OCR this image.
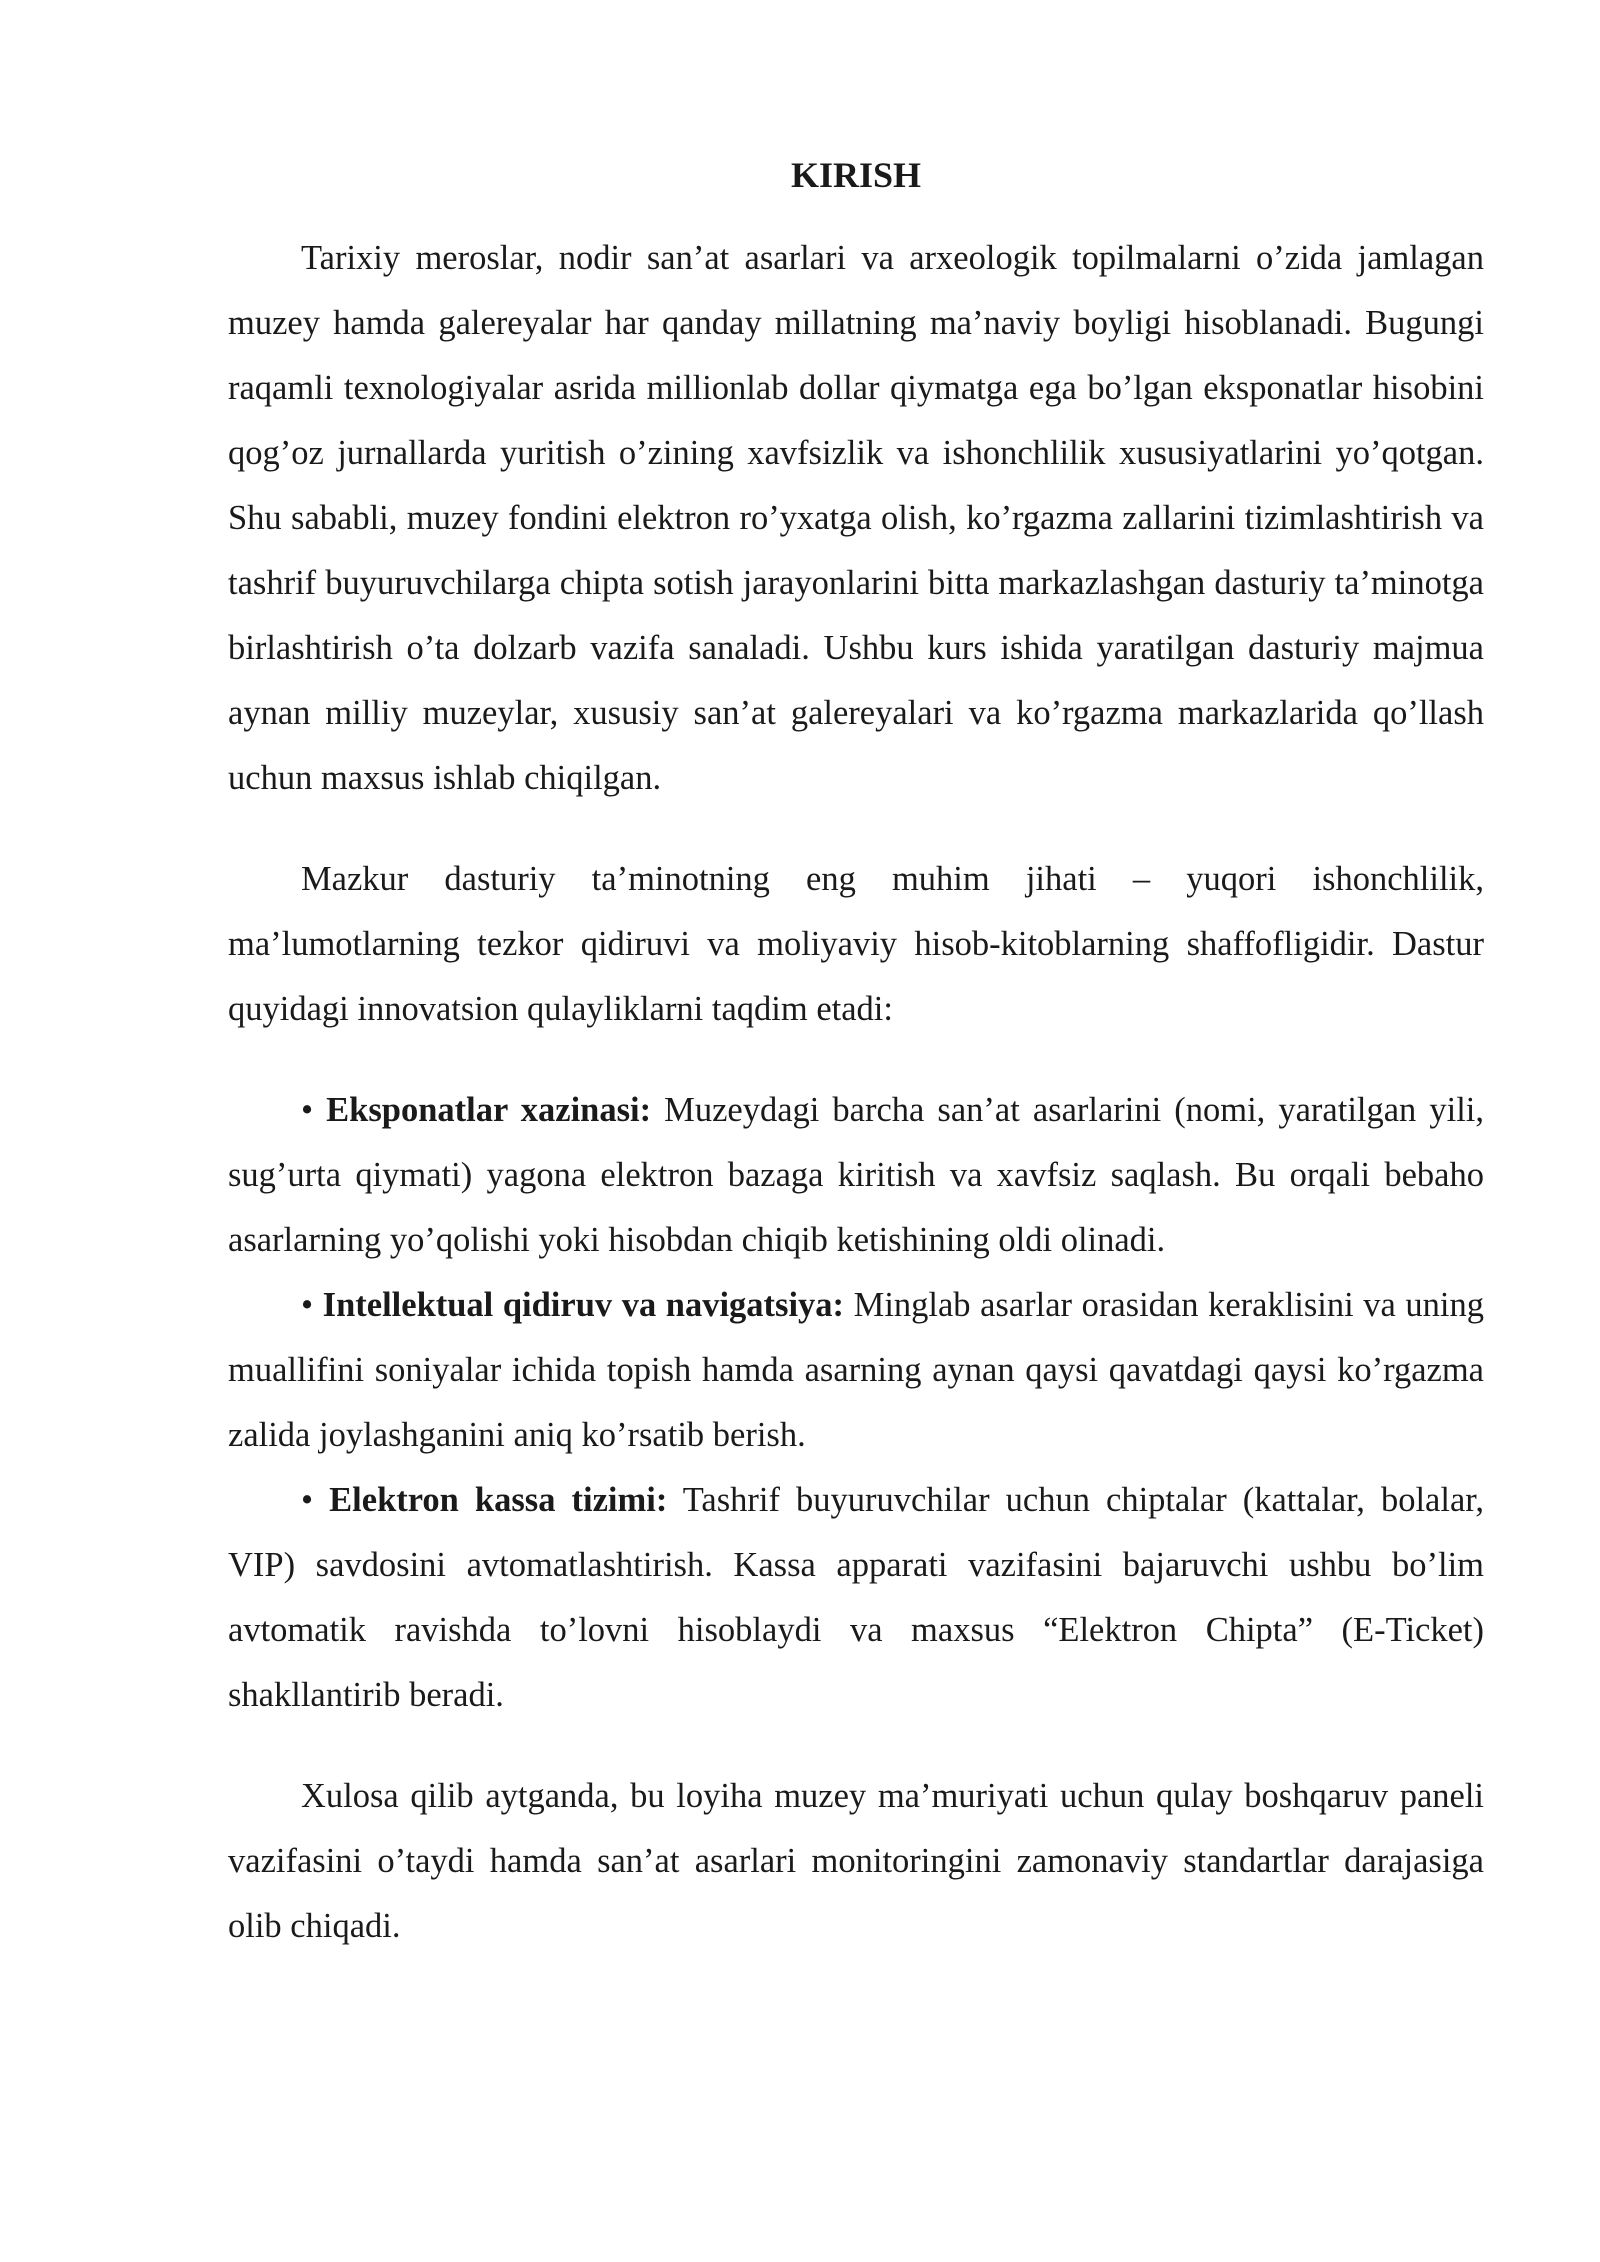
KIRISH

Tarixiy meroslar, nodir san’at asarlari va arxeologik topilmalarni o’zida jamlagan muzey hamda galereyalar har qanday millatning ma’naviy boyligi hisoblanadi. Bugungi raqamli texnologiyalar asrida millionlab dollar qiymatga ega bo’lgan eksponatlar hisobini qog’oz jurnallarda yuritish o’zining xavfsizlik va ishonchlilik xususiyatlarini yo’qotgan. Shu sababli, muzey fondini elektron ro’yxatga olish, ko’rgazma zallarini tizimlashtirish va tashrif buyuruvchilarga chipta sotish jarayonlarini bitta markazlashgan dasturiy ta’minotga birlashtirish o’ta dolzarb vazifa sanaladi. Ushbu kurs ishida yaratilgan dasturiy majmua aynan milliy muzeylar, xususiy san’at galereyalari va ko’rgazma markazlarida qo’llash uchun maxsus ishlab chiqilgan.

Mazkur dasturiy ta’minotning eng muhim jihati – yuqori ishonchlilik, ma’lumotlarning tezkor qidiruvi va moliyaviy hisob-kitoblarning shaffofligidir. Dastur quyidagi innovatsion qulayliklarni taqdim etadi:

• Eksponatlar xazinasi: Muzeydagi barcha san’at asarlarini (nomi, yaratilgan yili, sug’urta qiymati) yagona elektron bazaga kiritish va xavfsiz saqlash. Bu orqali bebaho asarlarning yo’qolishi yoki hisobdan chiqib ketishining oldi olinadi.

• Intellektual qidiruv va navigatsiya: Minglab asarlar orasidan keraklisini va uning muallifini soniyalar ichida topish hamda asarning aynan qaysi qavatdagi qaysi ko’rgazma zalida joylashganini aniq ko’rsatib berish.

• Elektron kassa tizimi: Tashrif buyuruvchilar uchun chiptalar (kattalar, bolalar, VIP) savdosini avtomatlashtirish. Kassa apparati vazifasini bajaruvchi ushbu bo’lim avtomatik ravishda to’lovni hisoblaydi va maxsus “Elektron Chipta” (E-Ticket) shakllantirib beradi.

Xulosa qilib aytganda, bu loyiha muzey ma’muriyati uchun qulay boshqaruv paneli vazifasini o’taydi hamda san’at asarlari monitoringini zamonaviy standartlar darajasiga olib chiqadi.
